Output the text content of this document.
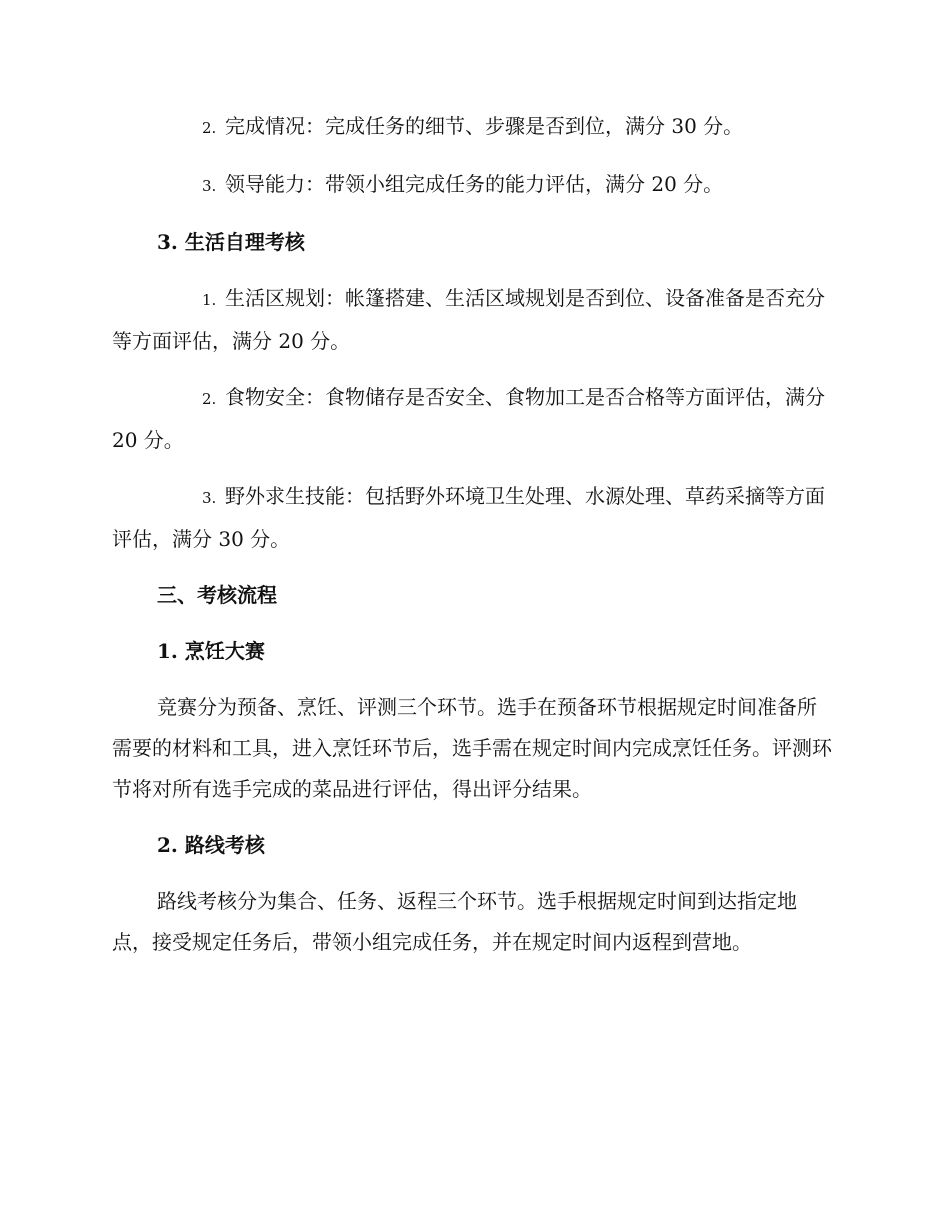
2. 完成情况：完成任务的细节、步骤是否到位，满分 30 分。
3. 领导能力：带领小组完成任务的能力评估，满分 20 分。
3. 生活自理考核
1. 生活区规划：帐篷搭建、生活区域规划是否到位、设备准备是否充分等方面评估，满分 20 分。
2. 食物安全：食物储存是否安全、食物加工是否合格等方面评估，满分 20 分。
3. 野外求生技能：包括野外环境卫生处理、水源处理、草药采摘等方面评估，满分 30 分。
三、考核流程
1. 烹饪大赛
竞赛分为预备、烹饪、评测三个环节。选手在预备环节根据规定时间准备所需要的材料和工具，进入烹饪环节后，选手需在规定时间内完成烹饪任务。评测环节将对所有选手完成的菜品进行评估，得出评分结果。
2. 路线考核
路线考核分为集合、任务、返程三个环节。选手根据规定时间到达指定地点，接受规定任务后，带领小组完成任务，并在规定时间内返程到营地。
